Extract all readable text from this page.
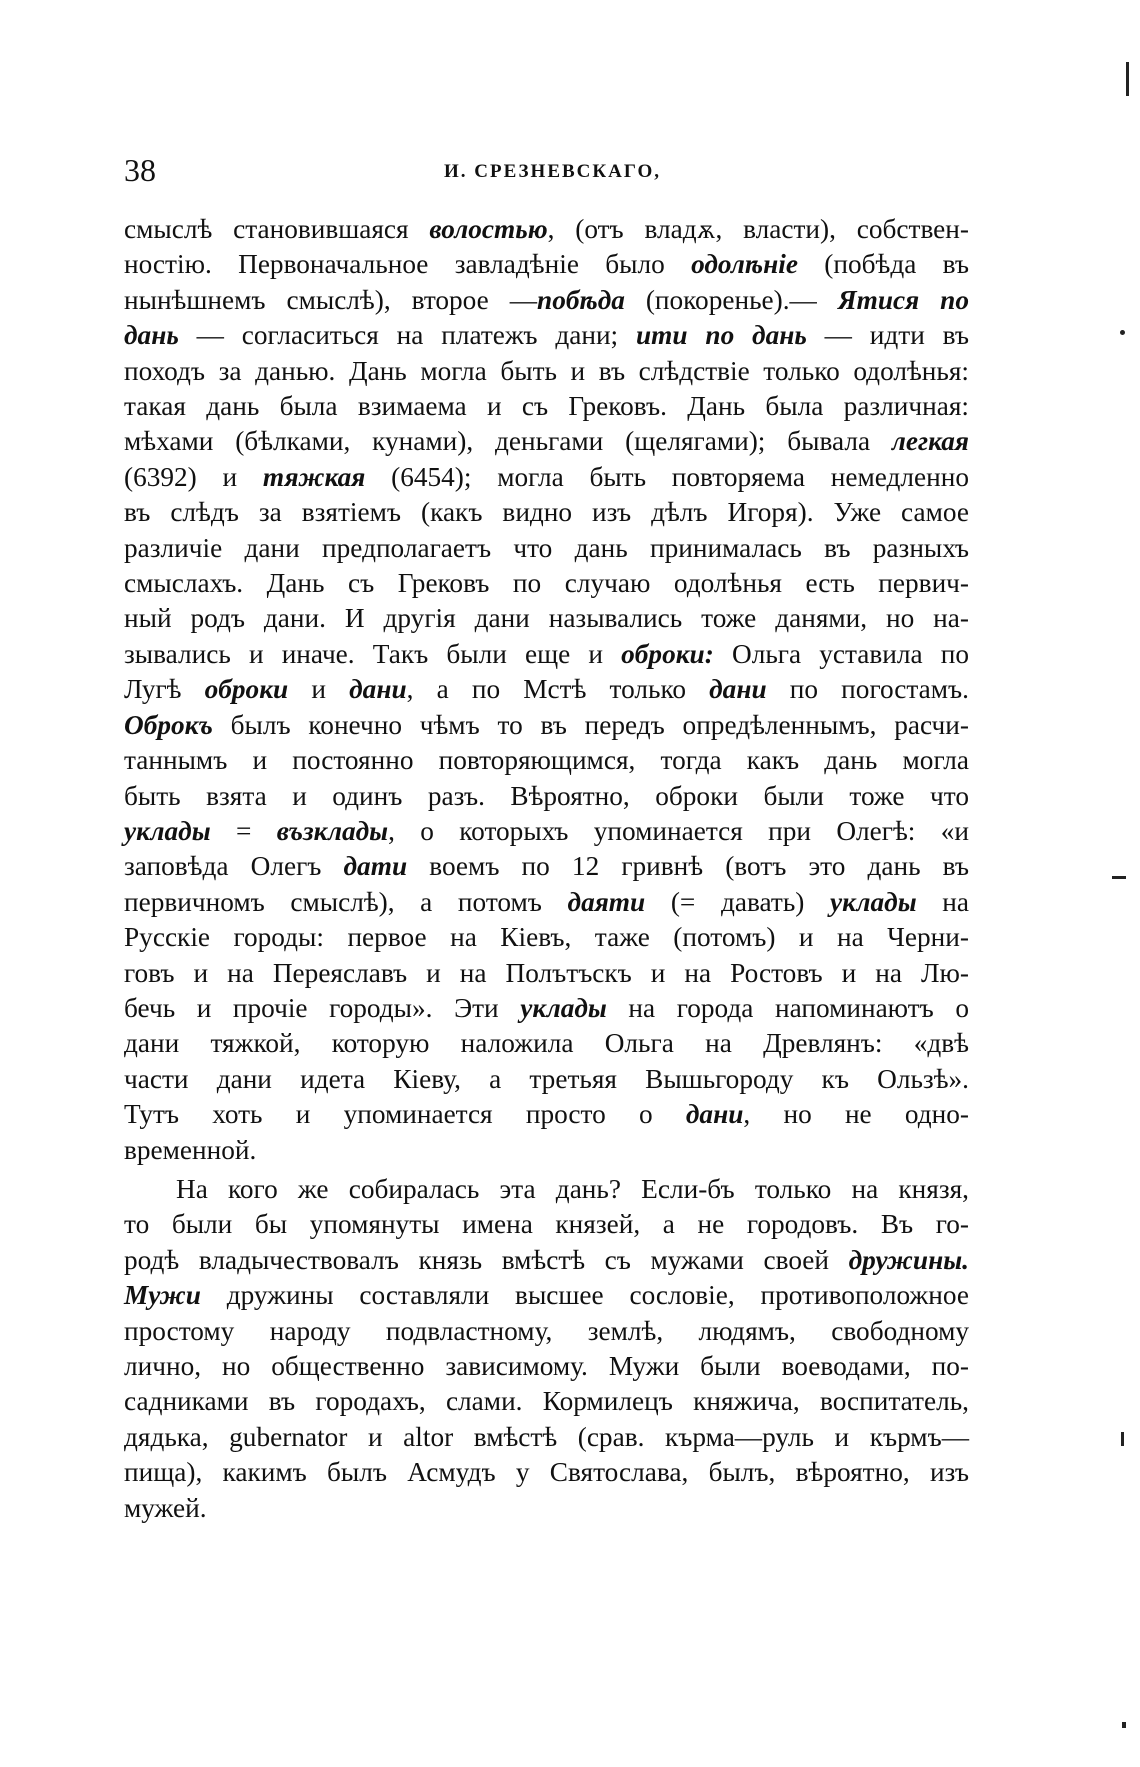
38	И. СРЕЗНЕВСКАГО,
смыслѣ становившаяся волостью, (отъ владѫ, власти), собствен-
ностію. Первоначальное завладѣніе было одолѣніе (побѣда въ
нынѣшнемъ смыслѣ), второе —побѣда (покоренье).— Ятися по
дань — согласиться на платежъ дани; ити по дань — идти въ
походъ за данью. Дань могла быть и въ слѣдствіе только одолѣнья:
такая дань была взимаема и съ Грековъ. Дань была различная:
мѣхами (бѣлками, кунами), деньгами (щелягами); бывала легкая
(6392) и тяжкая (6454); могла быть повторяема немедленно
въ слѣдъ за взятіемъ (какъ видно изъ дѣлъ Игоря). Уже самое
различіе дани предполагаетъ что дань принималась въ разныхъ
смыслахъ. Дань съ Грековъ по случаю одолѣнья есть первич-
ный родъ дани. И другія дани назывались тоже данями, но на-
зывались и иначе. Такъ были еще и оброки: Ольга уставила по
Лугѣ оброки и дани, а по Мстѣ только дани по погостамъ.
Оброкъ былъ конечно чѣмъ то въ передъ опредѣленнымъ, расчи-
таннымъ и постоянно повторяющимся, тогда какъ дань могла
быть взята и одинъ разъ. Вѣроятно, оброки были тоже что
уклады = възклады, о которыхъ упоминается при Олегѣ: «и
заповѣда Олегъ дати воемъ по 12 гривнѣ (вотъ это дань въ
первичномъ смыслѣ), а потомъ даяти (= давать) уклады на
Русскіе городы: первое на Кіевъ, таже (потомъ) и на Черни-
говъ и на Переяславъ и на Полътъскъ и на Ростовъ и на Лю-
бечь и прочіе городы». Эти уклады на города напоминаютъ о
дани тяжкой, которую наложила Ольга на Древлянъ: «двѣ
части дани идета Кіеву, а третьяя Вышьгороду къ Ользѣ».
Тутъ хоть и упоминается просто о дани, но не одно-
временной.
На кого же собиралась эта дань? Если-бъ только на князя,
то были бы упомянуты имена князей, а не городовъ. Въ го-
родѣ владычествовалъ князь вмѣстѣ съ мужами своей дружины.
Мужи дружины составляли высшее сословіе, противоположное
простому народу подвластному, землѣ, людямъ, свободному
лично, но общественно зависимому. Мужи были воеводами, по-
садниками въ городахъ, слами. Кормилецъ княжича, воспитатель,
дядька, gubernator и altor вмѣстѣ (срав. кърма—руль и кърмъ—
пища), какимъ былъ Асмудъ у Святослава, былъ, вѣроятно, изъ
мужей.
